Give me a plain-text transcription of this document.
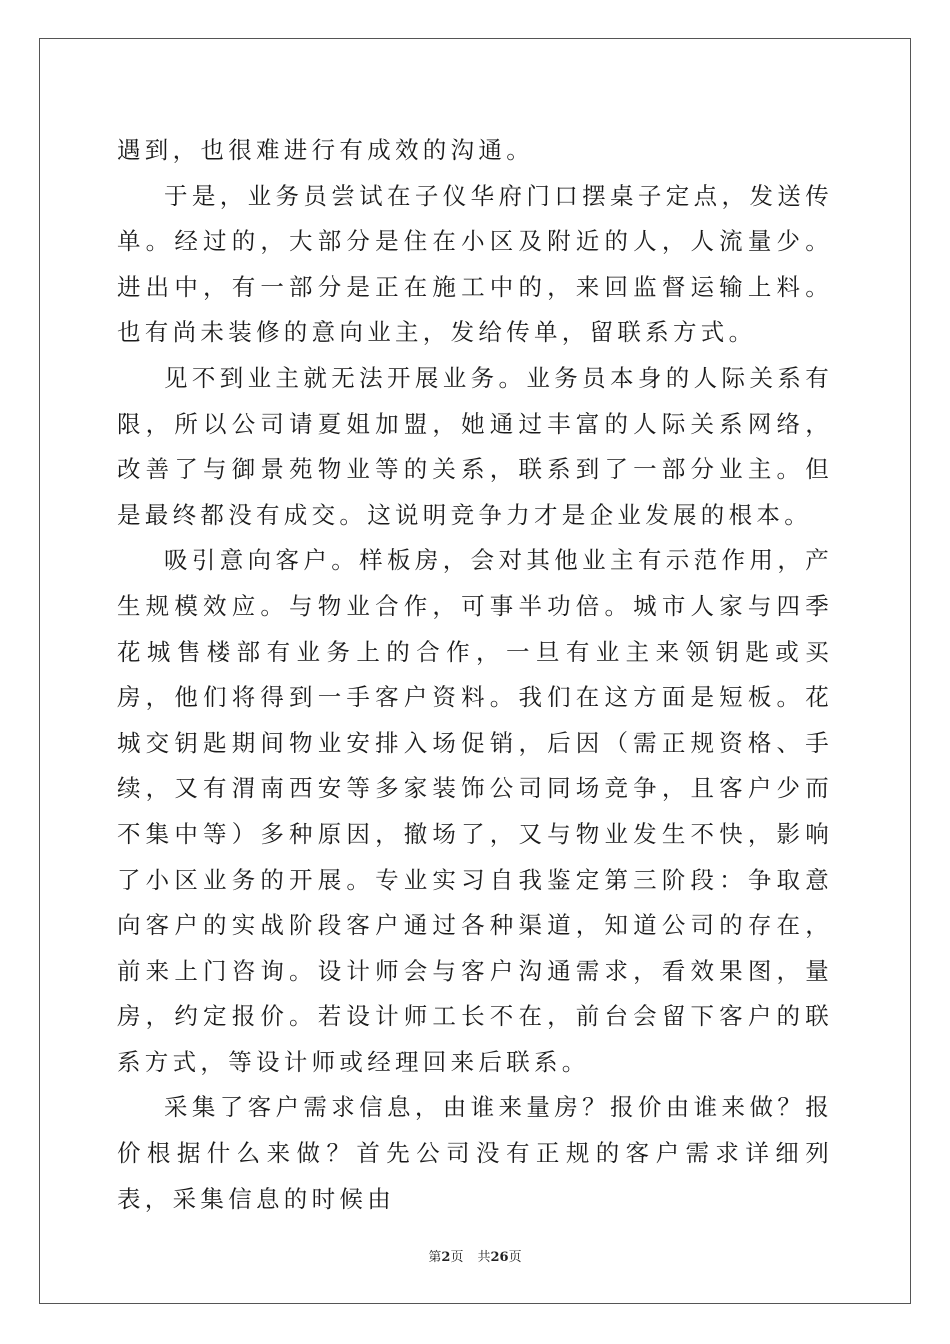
遇到，也很难进行有成效的沟通。

于是，业务员尝试在子仪华府门口摆桌子定点，发送传单。经过的，大部分是住在小区及附近的人，人流量少。进出中，有一部分是正在施工中的，来回监督运输上料。也有尚未装修的意向业主，发给传单，留联系方式。

见不到业主就无法开展业务。业务员本身的人际关系有限，所以公司请夏姐加盟，她通过丰富的人际关系网络，改善了与御景苑物业等的关系，联系到了一部分业主。但是最终都没有成交。这说明竞争力才是企业发展的根本。

吸引意向客户。样板房，会对其他业主有示范作用，产生规模效应。与物业合作，可事半功倍。城市人家与四季花城售楼部有业务上的合作，一旦有业主来领钥匙或买房，他们将得到一手客户资料。我们在这方面是短板。花城交钥匙期间物业安排入场促销，后因（需正规资格、手续，又有渭南西安等多家装饰公司同场竞争，且客户少而不集中等）多种原因，撤场了，又与物业发生不快，影响了小区业务的开展。专业实习自我鉴定第三阶段：争取意向客户的实战阶段客户通过各种渠道，知道公司的存在，前来上门咨询。设计师会与客户沟通需求，看效果图，量房，约定报价。若设计师工长不在，前台会留下客户的联系方式，等设计师或经理回来后联系。

采集了客户需求信息，由谁来量房？报价由谁来做？报价根据什么来做？首先公司没有正规的客户需求详细列表，采集信息的时候由

第2页 共26页
